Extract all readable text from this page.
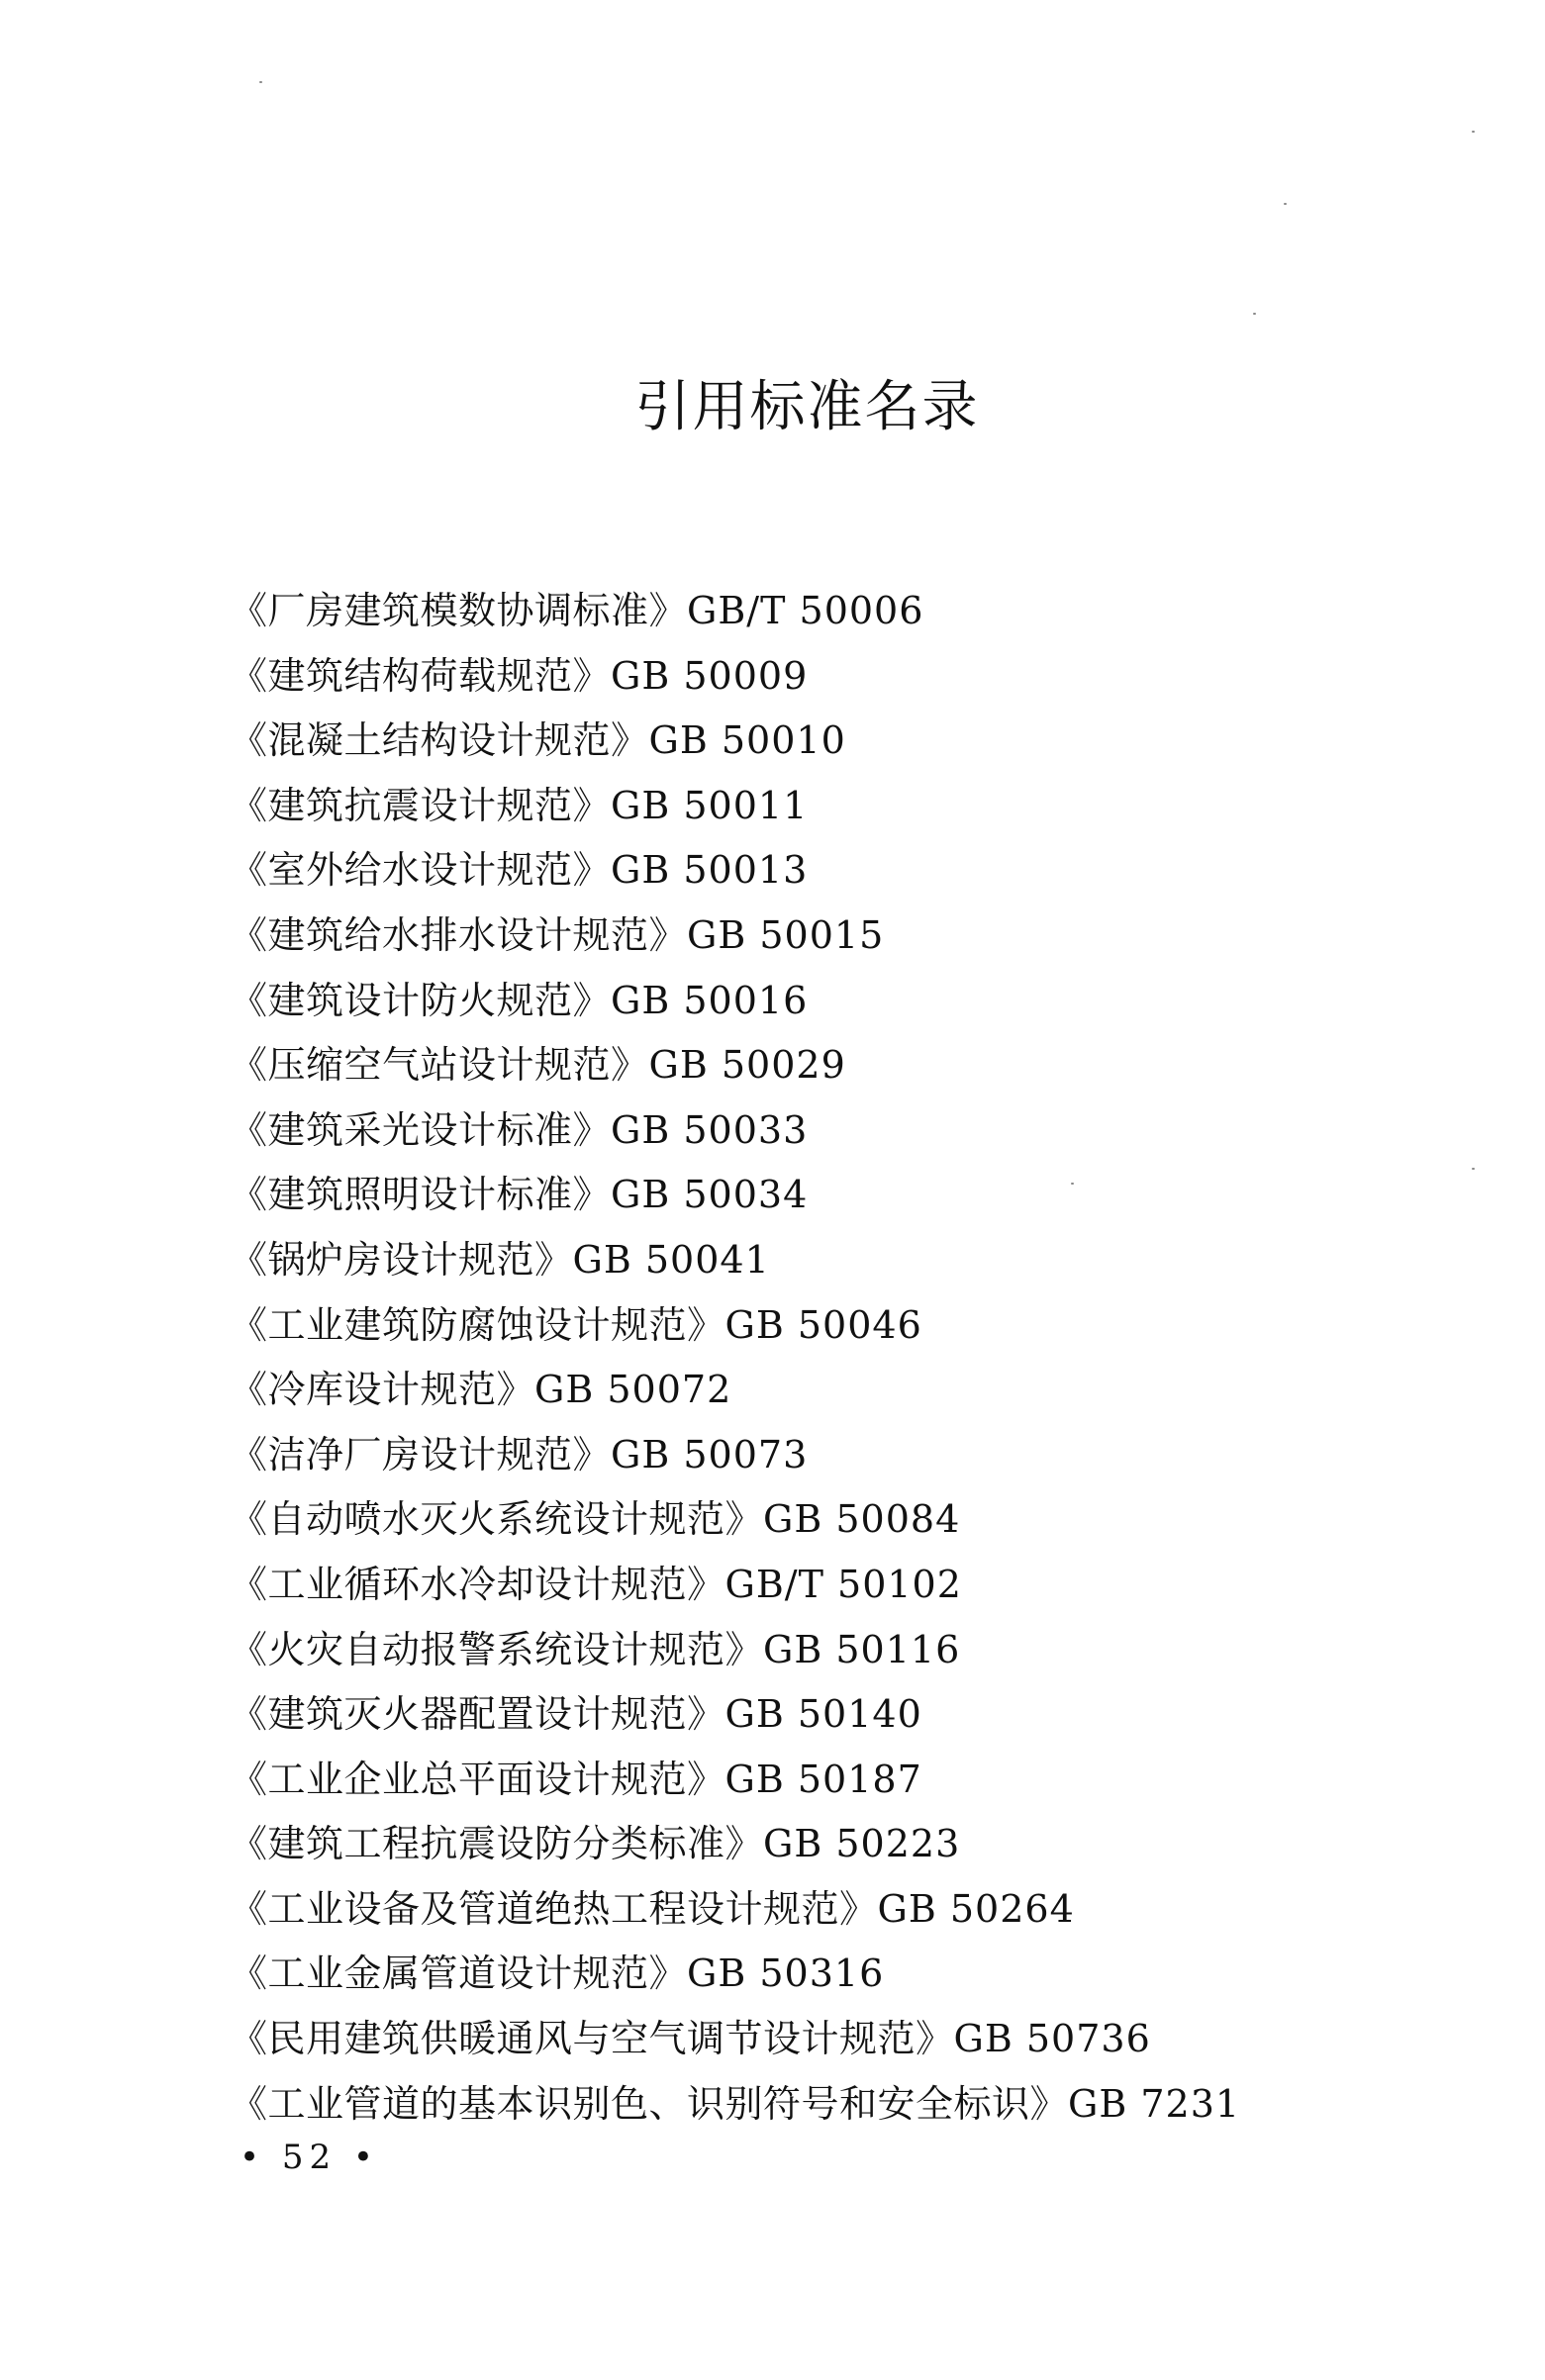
引用标准名录
《厂房建筑模数协调标准》GB/T 50006
《建筑结构荷载规范》GB 50009
《混凝土结构设计规范》GB 50010
《建筑抗震设计规范》GB 50011
《室外给水设计规范》GB 50013
《建筑给水排水设计规范》GB 50015
《建筑设计防火规范》GB 50016
《压缩空气站设计规范》GB 50029
《建筑采光设计标准》GB 50033
《建筑照明设计标准》GB 50034
《锅炉房设计规范》GB 50041
《工业建筑防腐蚀设计规范》GB 50046
《冷库设计规范》GB 50072
《洁净厂房设计规范》GB 50073
《自动喷水灭火系统设计规范》GB 50084
《工业循环水冷却设计规范》GB/T 50102
《火灾自动报警系统设计规范》GB 50116
《建筑灭火器配置设计规范》GB 50140
《工业企业总平面设计规范》GB 50187
《建筑工程抗震设防分类标准》GB 50223
《工业设备及管道绝热工程设计规范》GB 50264
《工业金属管道设计规范》GB 50316
《民用建筑供暖通风与空气调节设计规范》GB 50736
《工业管道的基本识别色、识别符号和安全标识》GB 7231
• 52 •
